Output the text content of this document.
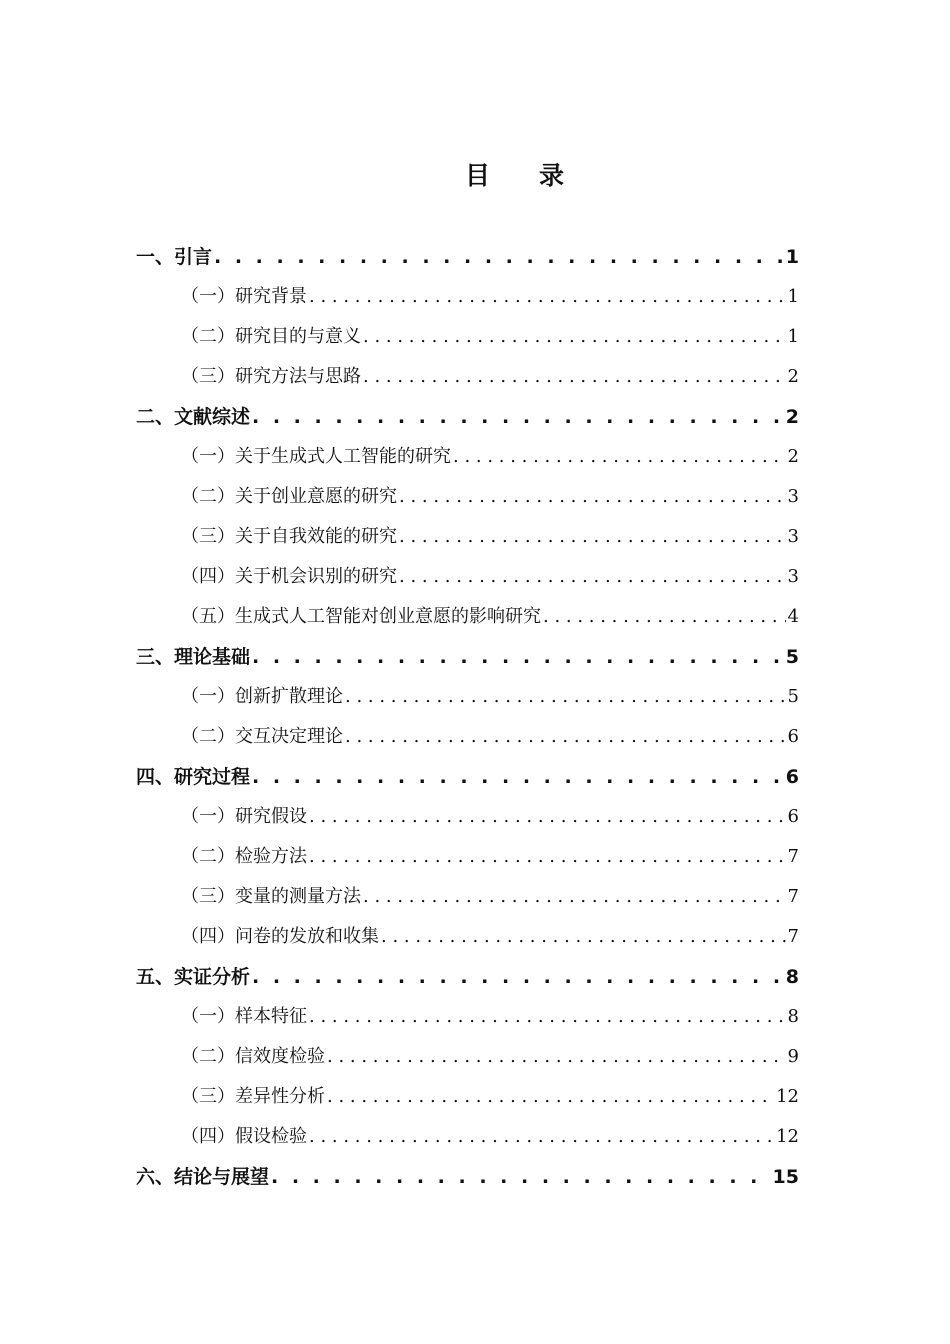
目 录
一、引言 . . .	1
（一）研究背景 . . .	1
（二）研究目的与意义 . . .	1
（三）研究方法与思路 . . .	2
二、文献综述 . . .	2
（一）关于生成式人工智能的研究 . . .	2
（二）关于创业意愿的研究 . . .	3
（三）关于自我效能的研究 . . .	3
（四）关于机会识别的研究 . . .	3
（五）生成式人工智能对创业意愿的影响研究 . . .	4
三、理论基础 . . .	5
（一）创新扩散理论 . . .	5
（二）交互决定理论 . . .	6
四、研究过程 . . .	6
（一）研究假设 . . .	6
（二）检验方法 . . .	7
（三）变量的测量方法 . . .	7
（四）问卷的发放和收集 . . .	7
五、实证分析 . . .	8
（一）样本特征 . . .	8
（二）信效度检验 . . .	9
（三）差异性分析 . . .	12
（四）假设检验 . . .	12
六、结论与展望 . . .	15
